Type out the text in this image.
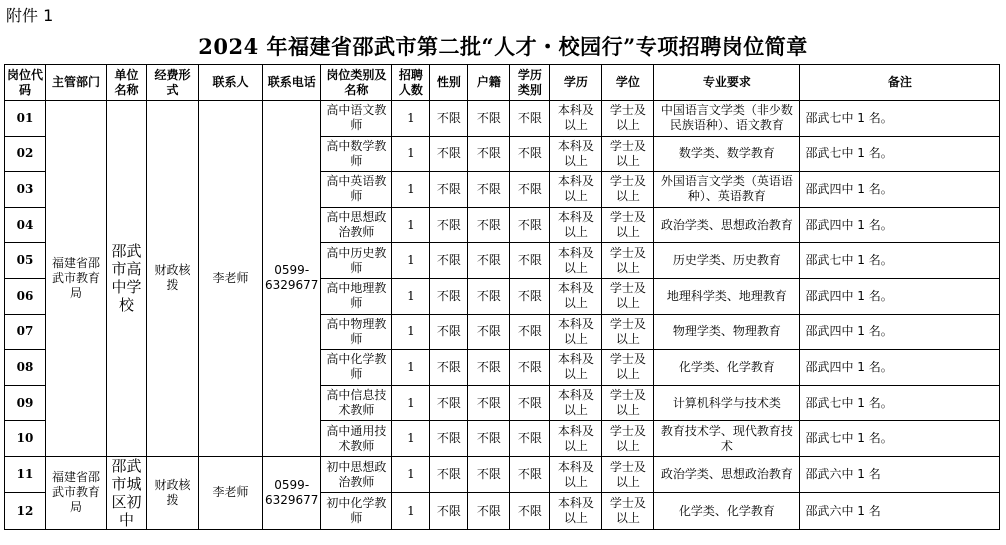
附件 1
2024 年福建省邵武市第二批“人才・校园行”专项招聘岗位简章
岗位代码	主管部门	单位名称	经费形式	联系人	联系电话	岗位类别及名称	招聘人数	性别	户籍	学历类别	学历	学位	专业要求	备注
01	福建省邵武市教育局	邵武市高中学校	财政核拨	李老师	0599-6329677	高中语文教师	1	不限	不限	不限	本科及以上	学士及以上	中国语言文学类（非少数民族语种）、语文教育	邵武七中 1 名。
02						高中数学教师	1	不限	不限	不限	本科及以上	学士及以上	数学类、数学教育	邵武七中 1 名。
03						高中英语教师	1	不限	不限	不限	本科及以上	学士及以上	外国语言文学类（英语语种）、英语教育	邵武四中 1 名。
04						高中思想政治教师	1	不限	不限	不限	本科及以上	学士及以上	政治学类、思想政治教育	邵武四中 1 名。
05						高中历史教师	1	不限	不限	不限	本科及以上	学士及以上	历史学类、历史教育	邵武七中 1 名。
06						高中地理教师	1	不限	不限	不限	本科及以上	学士及以上	地理科学类、地理教育	邵武四中 1 名。
07						高中物理教师	1	不限	不限	不限	本科及以上	学士及以上	物理学类、物理教育	邵武四中 1 名。
08						高中化学教师	1	不限	不限	不限	本科及以上	学士及以上	化学类、化学教育	邵武四中 1 名。
09						高中信息技术教师	1	不限	不限	不限	本科及以上	学士及以上	计算机科学与技术类	邵武七中 1 名。
10						高中通用技术教师	1	不限	不限	不限	本科及以上	学士及以上	教育技术学、现代教育技术	邵武七中 1 名。
11	福建省邵武市教育局	邵武市城区初中	财政核拨	李老师	0599-6329677	初中思想政治教师	1	不限	不限	不限	本科及以上	学士及以上	政治学类、思想政治教育	邵武六中 1 名
12						初中化学教师	1	不限	不限	不限	本科及以上	学士及以上	化学类、化学教育	邵武六中 1 名
